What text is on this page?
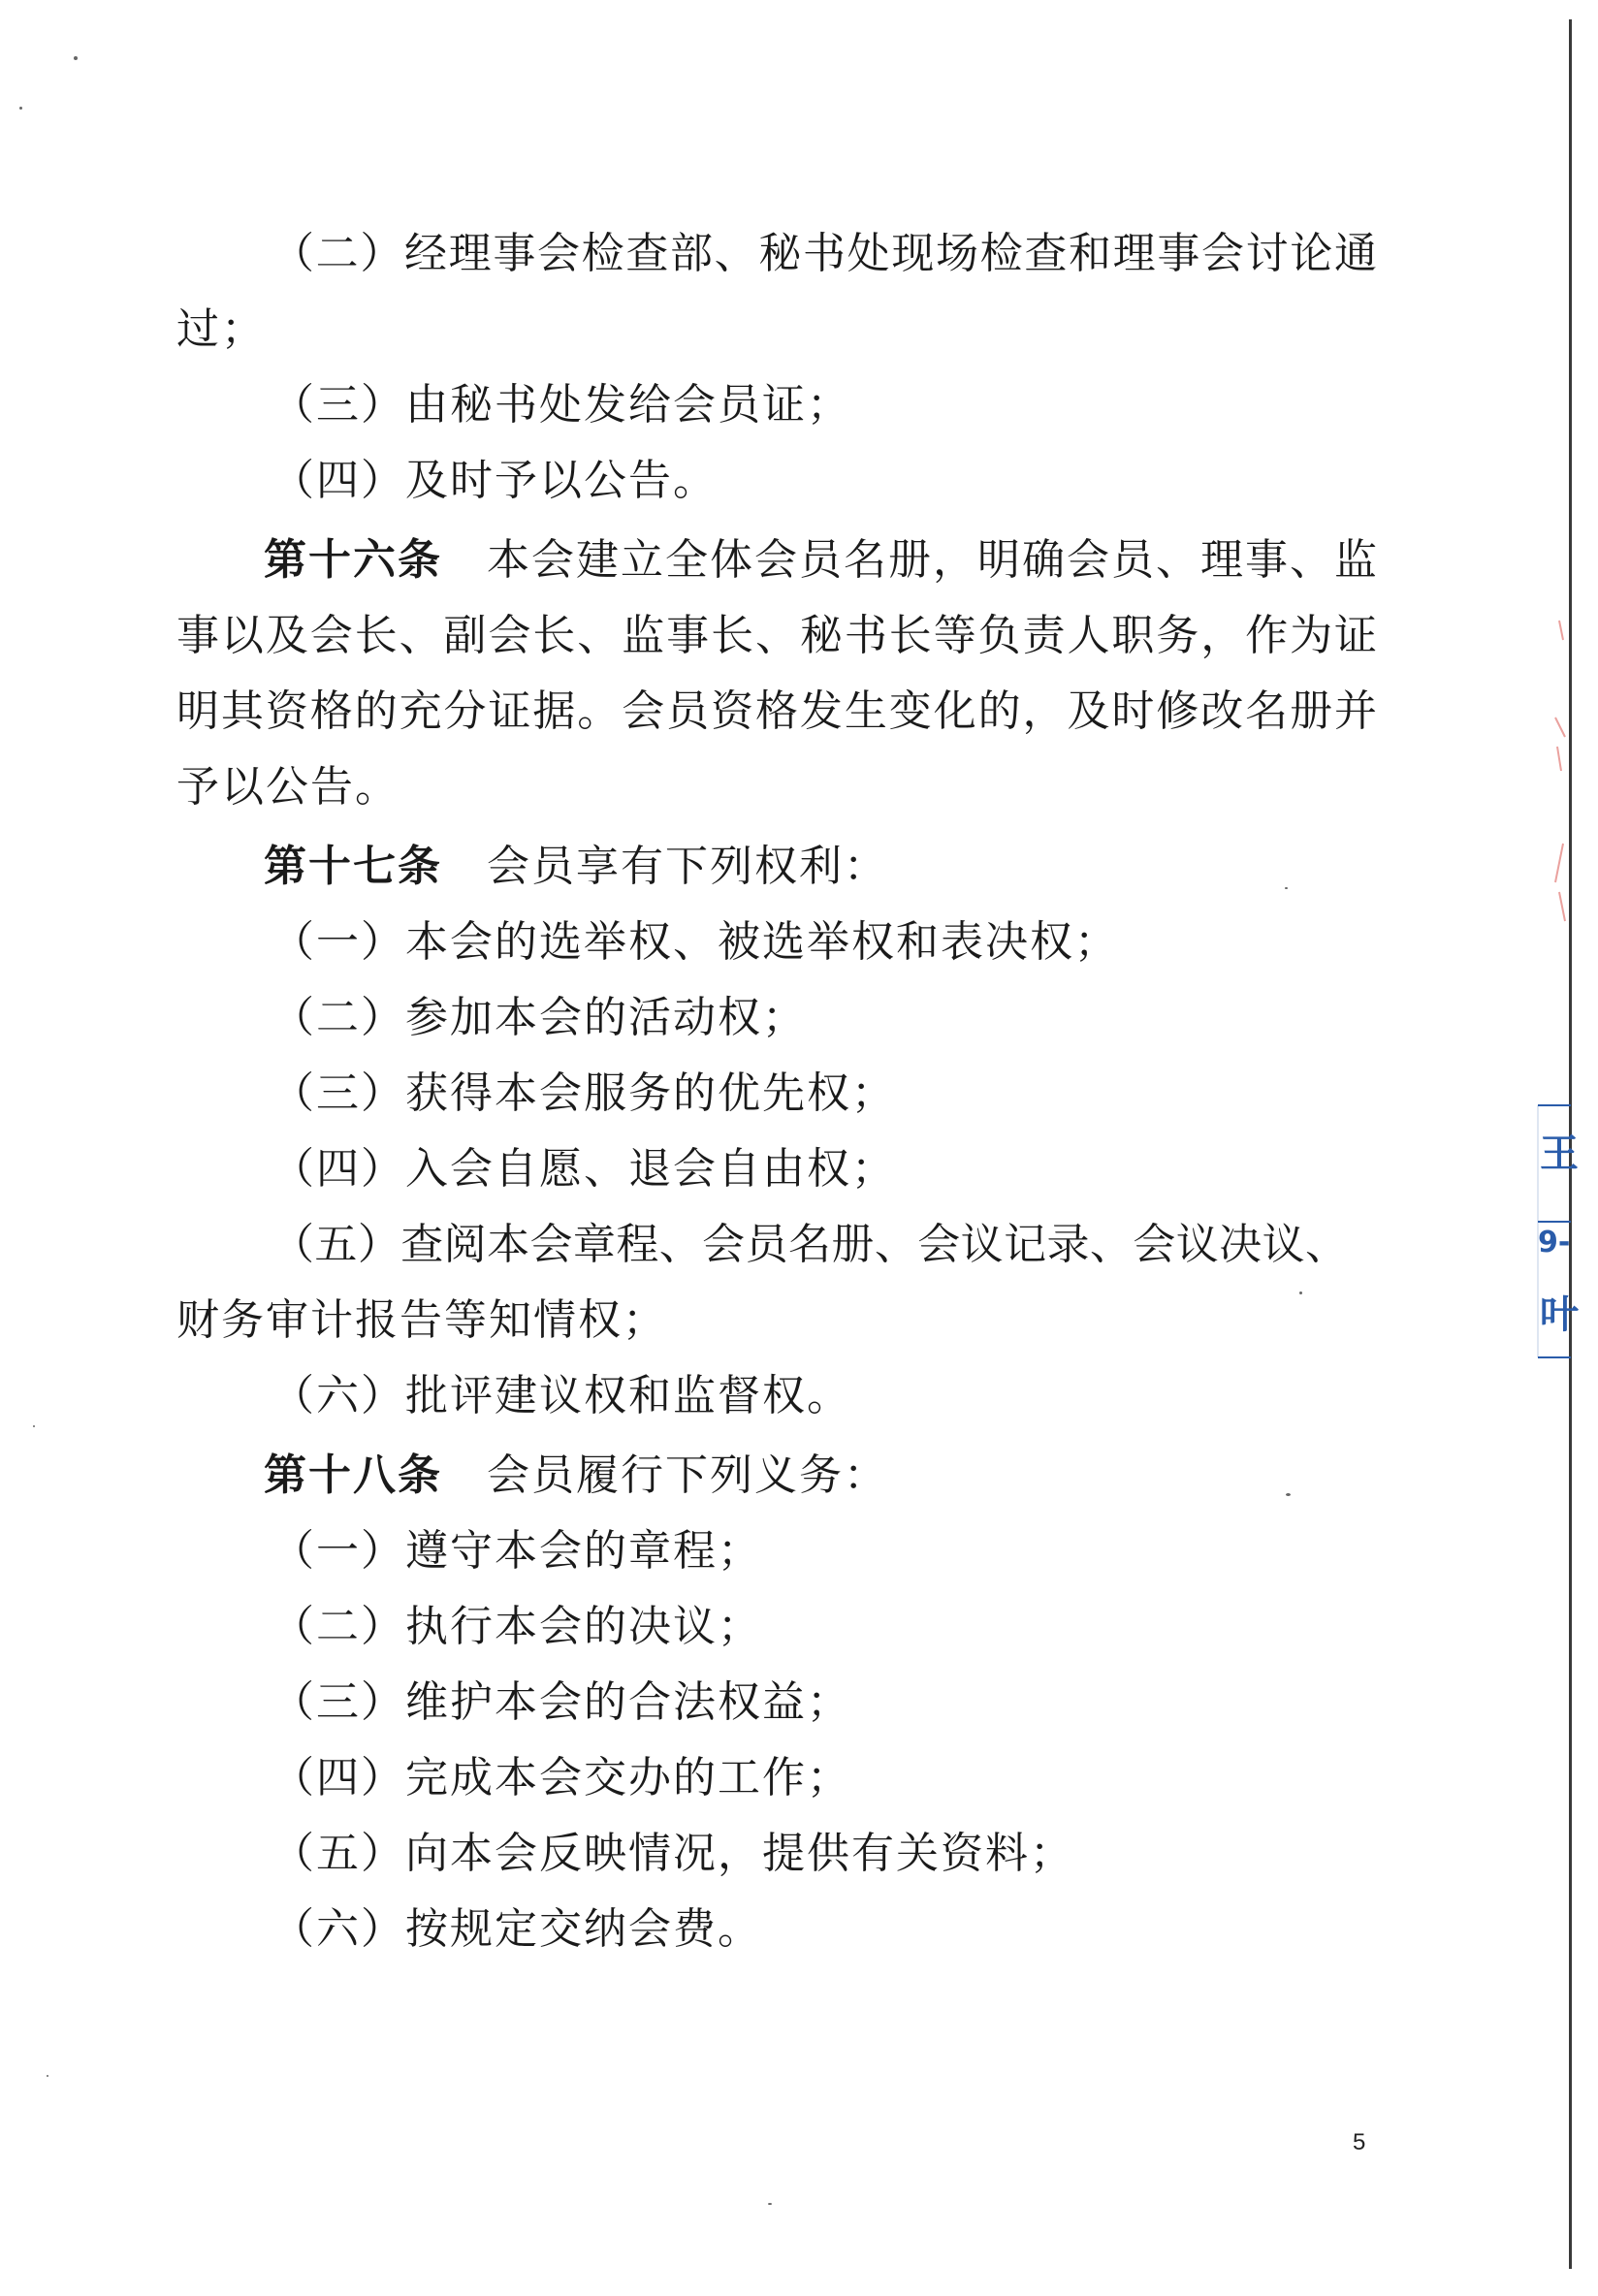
（二）经理事会检查部、秘书处现场检查和理事会讨论通
过；
（三）由秘书处发给会员证；
（四）及时予以公告。
第十六条 本会建立全体会员名册，明确会员、理事、监
事以及会长、副会长、监事长、秘书长等负责人职务，作为证
明其资格的充分证据。会员资格发生变化的，及时修改名册并
予以公告。
第十七条 会员享有下列权利：
（一）本会的选举权、被选举权和表决权；
（二）参加本会的活动权；
（三）获得本会服务的优先权；
（四）入会自愿、退会自由权；
（五）查阅本会章程、会员名册、会议记录、会议决议、
财务审计报告等知情权；
（六）批评建议权和监督权。
第十八条 会员履行下列义务：
（一）遵守本会的章程；
（二）执行本会的决议；
（三）维护本会的合法权益；
（四）完成本会交办的工作；
（五）向本会反映情况，提供有关资料；
（六）按规定交纳会费。
5
王
9-
叶
